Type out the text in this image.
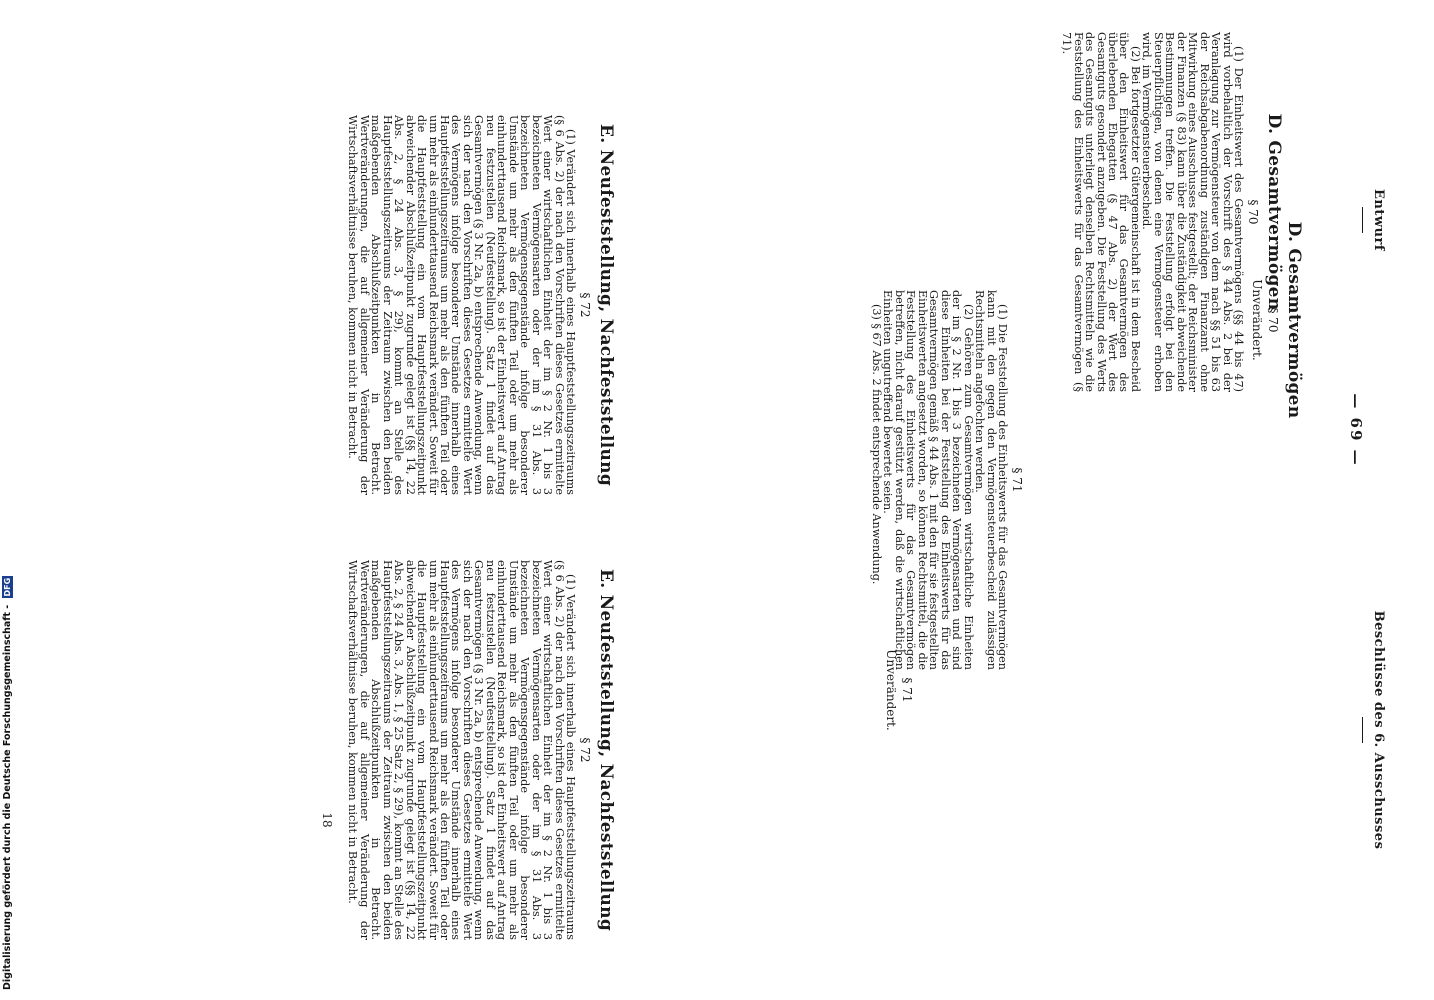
Entwurf
— 69 —
Beschlüsse des 6. Ausschusses
D. Gesamtvermögen
§ 70

(1) Der Einheitswert des Gesamtvermögens (§§ 44 bis 47) wird vorbehaltlich der Vorschrift des § 44 Abs. 2 bei der Veranlagung zur Vermögensteuer von dem nach §§ 51 bis 63 der Reichsabgabenordnung zuständigen Finanzamt ohne Mitwirkung eines Ausschusses festgestellt; der Reichsminister der Finanzen (§ 83) kann über die Zuständigkeit abweichende Bestimmungen treffen. Die Feststellung erfolgt bei den Steuerpflichtigen, von denen eine Vermögensteuer erhoben wird, im Vermögensteuerbescheid.

(2) Bei fortgesetzter Gütergemeinschaft ist in dem Bescheid über den Einheitswert für das Gesamtvermögen des überlebenden Ehegatten (§ 47 Abs. 2) der Wert des Gesamtguts gesondert anzugeben. Die Feststellung des Werts des Gesamtguts unterliegt denselben Rechtsmitteln wie die Feststellung des Einheitswerts für das Gesamtvermögen (§ 71).

§ 71

(1) Die Feststellung des Einheitswerts für das Gesamtvermögen kann mit den gegen den Vermögensteuerbescheid zulässigen Rechtsmitteln angefochten werden.

(2) Gehören zum Gesamtvermögen wirtschaftliche Einheiten der im § 2 Nr. 1 bis 3 bezeichneten Vermögensarten und sind diese Einheiten bei der Feststellung des Einheitswerts für das Gesamtvermögen gemäß § 44 Abs. 1 mit den für sie festgestellten Einheitswerten angesetzt worden, so können Rechtsmittel, die die Feststellung des Einheitswerts für das Gesamtvermögen betreffen, nicht darauf gestützt werden, daß die wirtschaftlichen Einheiten ungutreffend bewertet seien.

(3) § 67 Abs. 2 findet entsprechende Anwendung.

E. Neufeststellung, Nachfeststellung
§ 72

(1) Verändert sich innerhalb eines Hauptfeststellungszeitraums (§ 6 Abs. 2) der nach den Vorschriften dieses Gesetzes ermittelte Wert einer wirtschaftlichen Einheit der im § 2 Nr. 1 bis 3 bezeichneten Vermögensarten oder der im § 31 Abs. 3 bezeichneten Vermögensgegenstände infolge besonderer Umstände um mehr als den fünften Teil oder um mehr als einhunderttausend Reichsmark, so ist der Einheitswert auf Antrag neu festzustellen (Neufeststellung). Satz 1 findet auf das Gesamtvermögen (§ 3 Nr. 2a, b) entsprechende Anwendung, wenn sich der nach den Vorschriften dieses Gesetzes ermittelte Wert des Vermögens infolge besonderer Umstände innerhalb eines Hauptfeststellungszeitraums um mehr als den fünften Teil oder um mehr als einhunderttausend Reichsmark verändert. Soweit für die Hauptfeststellung ein vom Hauptfeststellungszeitpunkt abweichender Abschlußzeitpunkt zugrunde gelegt ist (§§ 14, 22 Abs. 2, § 24 Abs. 3, § 29), kommt an Stelle des Hauptfeststellungszeitraums der Zeitraum zwischen den beiden maßgebenden Abschlußzeitpunkten in Betracht. Wertveränderungen, die auf allgemeiner Veränderung der Wirtschaftsverhältnisse beruhen, kommen nicht in Betracht.	D. Gesamtvermögen
§ 70
Unverändert.
§ 71
Unverändert.
E. Neufeststellung, Nachfeststellung
§ 72

(1) Verändert sich innerhalb eines Hauptfeststellungszeitraums (§ 6 Abs. 2) der nach den Vorschriften dieses Gesetzes ermittelte Wert einer wirtschaftlichen Einheit der im § 2 Nr. 1 bis 3 bezeichneten Vermögensarten oder der im § 31 Abs. 3 bezeichneten Vermögensgegenstände infolge besonderer Umstände um mehr als den fünften Teil oder um mehr als einhunderttausend Reichsmark, so ist der Einheitswert auf Antrag neu festzustellen (Neufeststellung). Satz 1 findet auf das Gesamtvermögen (§ 3 Nr. 2a, b) entsprechende Anwendung, wenn sich der nach den Vorschriften dieses Gesetzes ermittelte Wert des Vermögens infolge besonderer Umstände innerhalb eines Hauptfeststellungszeitraums um mehr als den fünften Teil oder um mehr als einhunderttausend Reichsmark verändert. Soweit für die Hauptfeststellung ein vom Hauptfeststellungszeitpunkt abweichender Abschlußzeitpunkt zugrunde gelegt ist (§§ 14, 22 Abs. 2, § 24 Abs. 3, Abs. 1, § 25 Satz 2, § 29), kommt an Stelle des Hauptfeststellungszeitraums der Zeitraum zwischen den beiden maßgebenden Abschlußzeitpunkten in Betracht. Wertveränderungen, die auf allgemeiner Veränderung der Wirtschaftsverhältnisse beruhen, kommen nicht in Betracht.

18
Digitalisierung gefördert durch die Deutsche Forschungsgemeinschaft - DFG
